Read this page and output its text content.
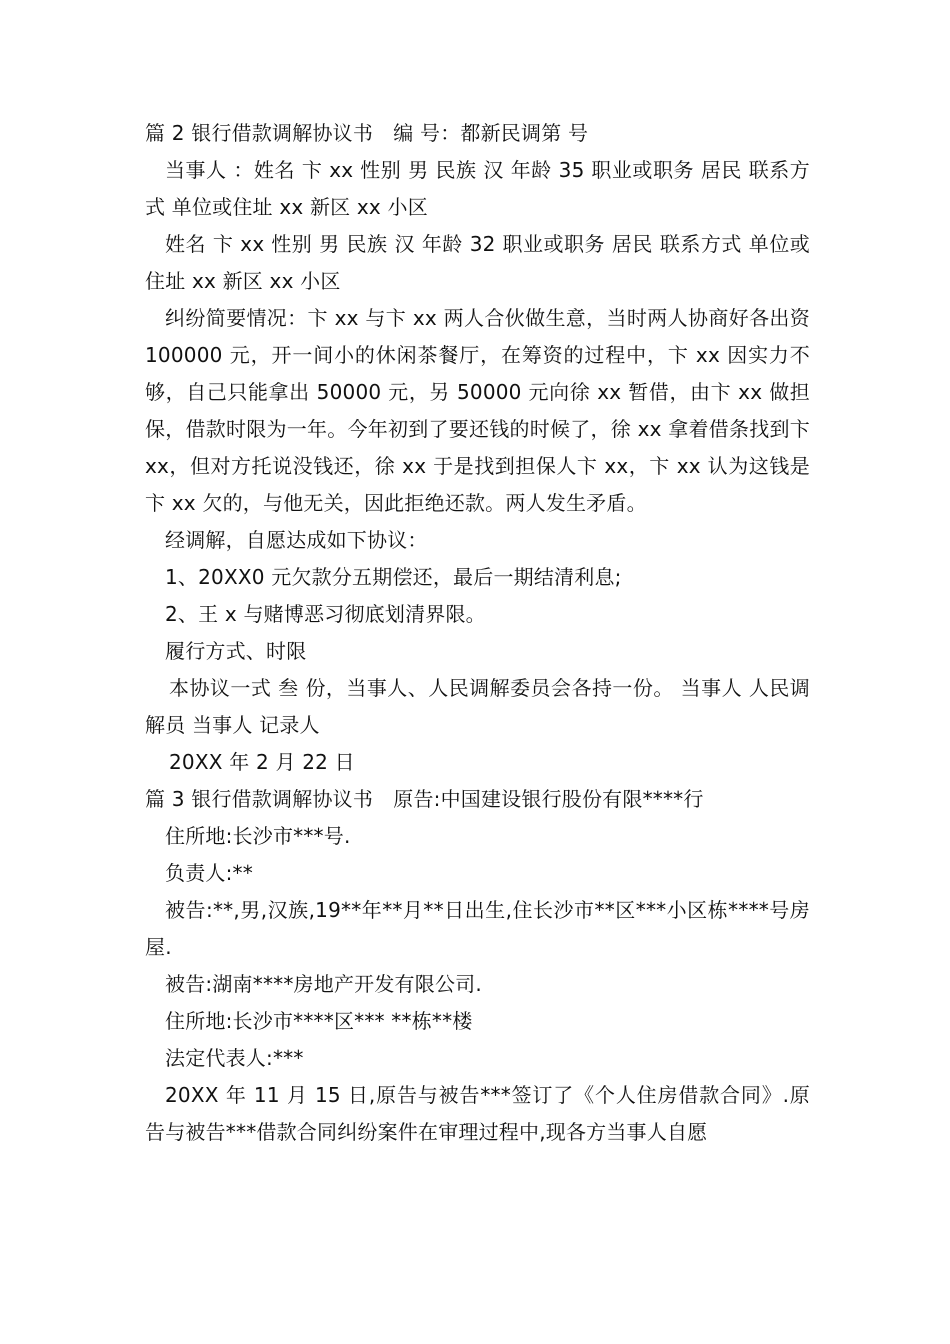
篇 2 银行借款调解协议书　编 号：都新民调第 号

当事人 ：姓名 卞 xx 性别 男 民族 汉 年龄 35 职业或职务 居民 联系方式 单位或住址 xx 新区 xx 小区

姓名 卞 xx 性别 男 民族 汉 年龄 32 职业或职务 居民 联系方式 单位或住址 xx 新区 xx 小区

纠纷简要情况：卞 xx 与卞 xx 两人合伙做生意，当时两人协商好各出资 100000 元，开一间小的休闲茶餐厅，在筹资的过程中，卞 xx 因实力不够，自己只能拿出 50000 元，另 50000 元向徐 xx 暂借，由卞 xx 做担保，借款时限为一年。今年初到了要还钱的时候了，徐 xx 拿着借条找到卞 xx，但对方托说没钱还，徐 xx 于是找到担保人卞 xx，卞 xx 认为这钱是卞 xx 欠的，与他无关，因此拒绝还款。两人发生矛盾。

经调解，自愿达成如下协议：

1、20XX0 元欠款分五期偿还，最后一期结清利息;

2、王 x 与赌博恶习彻底划清界限。

履行方式、时限

本协议一式 叁 份，当事人、人民调解委员会各持一份。 当事人 人民调解员 当事人 记录人

20XX 年 2 月 22 日

篇 3 银行借款调解协议书　原告:中国建设银行股份有限****行

住所地:长沙市***号.

负责人:**

被告:**,男,汉族,19**年**月**日出生,住长沙市**区***小区栋****号房屋.

被告:湖南****房地产开发有限公司.

住所地:长沙市****区*** **栋**楼

法定代表人:***

20XX 年 11 月 15 日,原告与被告***签订了《个人住房借款合同》.原告与被告***借款合同纠纷案件在审理过程中,现各方当事人自愿
